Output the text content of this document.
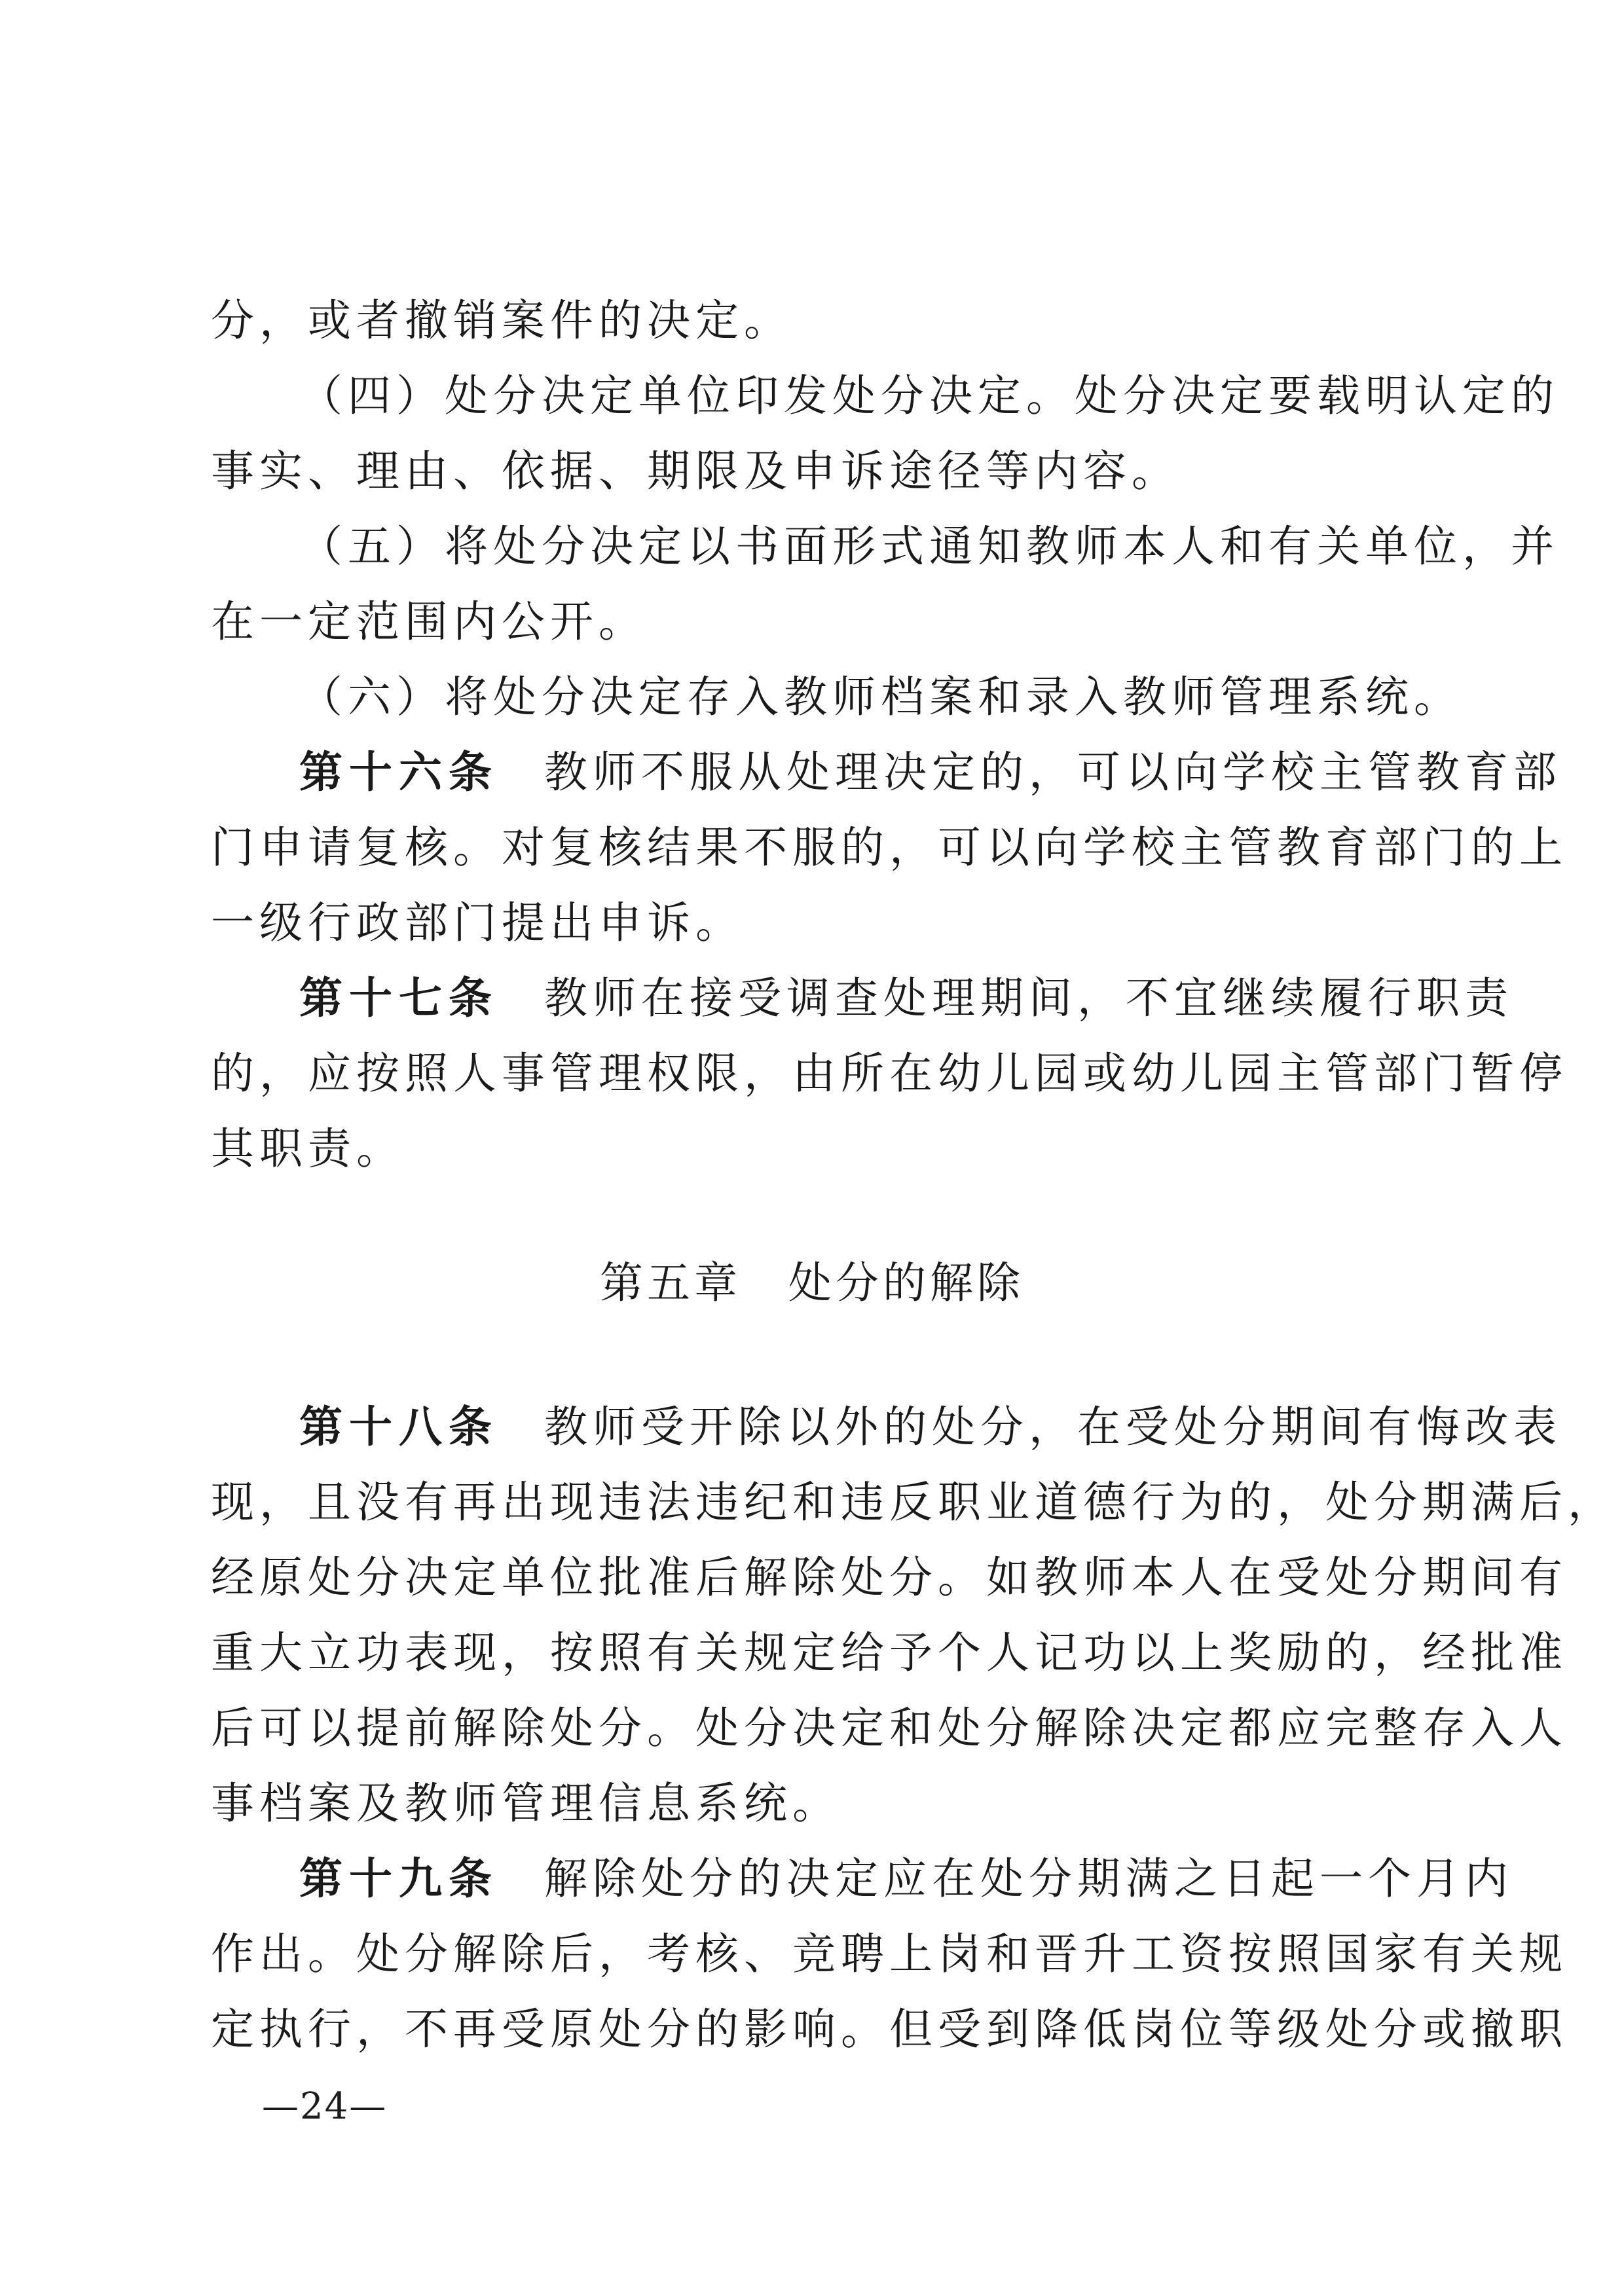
分，或者撤销案件的决定。
（四）处分决定单位印发处分决定。处分决定要载明认定的
事实、理由、依据、期限及申诉途径等内容。
（五）将处分决定以书面形式通知教师本人和有关单位，并
在一定范围内公开。
（六）将处分决定存入教师档案和录入教师管理系统。
第十六条 教师不服从处理决定的，可以向学校主管教育部
门申请复核。对复核结果不服的，可以向学校主管教育部门的上
一级行政部门提出申诉。
第十七条 教师在接受调查处理期间，不宜继续履行职责
的，应按照人事管理权限，由所在幼儿园或幼儿园主管部门暂停
其职责。
第五章　处分的解除
第十八条 教师受开除以外的处分，在受处分期间有悔改表
现，且没有再出现违法违纪和违反职业道德行为的，处分期满后，
经原处分决定单位批准后解除处分。如教师本人在受处分期间有
重大立功表现，按照有关规定给予个人记功以上奖励的，经批准
后可以提前解除处分。处分决定和处分解除决定都应完整存入人
事档案及教师管理信息系统。
第十九条 解除处分的决定应在处分期满之日起一个月内
作出。处分解除后，考核、竞聘上岗和晋升工资按照国家有关规
定执行，不再受原处分的影响。但受到降低岗位等级处分或撤职
—24—
